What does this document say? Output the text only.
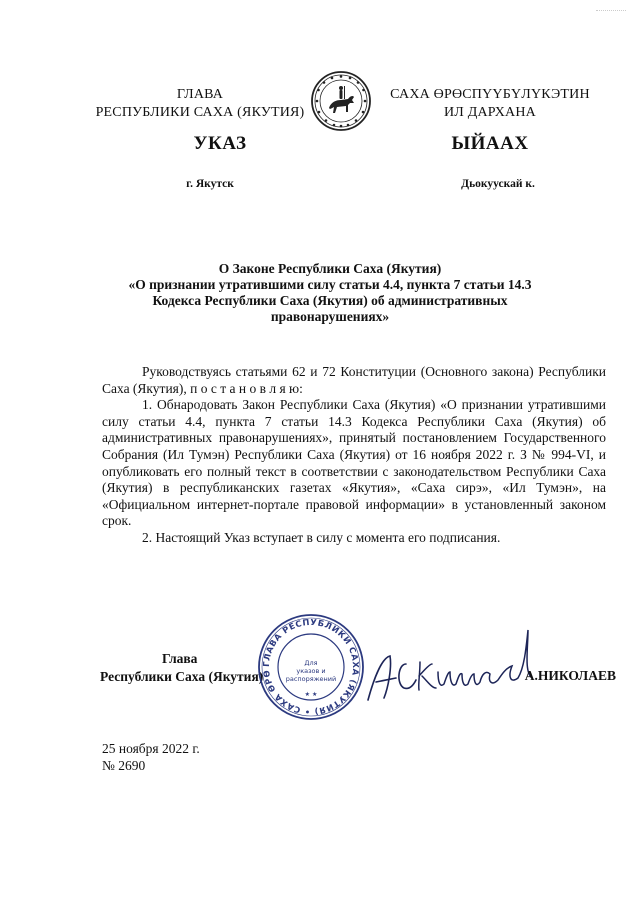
ГЛАВА
РЕСПУБЛИКИ САХА (ЯКУТИЯ)
САХА ӨРӨСПҮҮБҮЛҮКЭТИН
ИЛ ДАРХАНА
УКАЗ	ЫЙААХ
г. Якутск	Дьокуускай к.
О Законе Республики Саха (Якутия)
«О признании утратившими силу статьи 4.4, пункта 7 статьи 14.3
Кодекса Республики Саха (Якутия) об административных
правонарушениях»

Руководствуясь статьями 62 и 72 Конституции (Основного закона) Республики Саха (Якутия), п о с т а н о в л я ю:

1. Обнародовать Закон Республики Саха (Якутия) «О признании утратившими силу статьи 4.4, пункта 7 статьи 14.3 Кодекса Республики Саха (Якутия) об административных правонарушениях», принятый постановлением Государственного Собрания (Ил Тумэн) Республики Саха (Якутия) от 16 ноября 2022 г. З № 994-VI, и опубликовать его полный текст в соответствии с законодательством Республики Саха (Якутия) в республиканских газетах «Якутия», «Саха сирэ», «Ил Тумэн», на «Официальном интернет-портале правовой информации» в установленный законом срок.

2. Настоящий Указ вступает в силу с момента его подписания.

Глава
Республики Саха (Якутия)
ГЛАВА РЕСПУБЛИКИ САХА (ЯКУТИЯ) • САХА ӨРӨ
Для
указов и
распоряжений
★ ★
А.НИКОЛАЕВ
25 ноября 2022 г.
№ 2690
